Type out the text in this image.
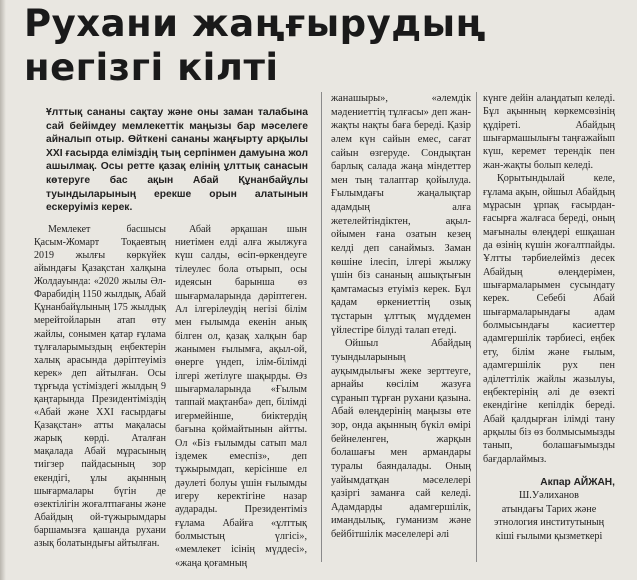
Рухани жаңғырудың
негізгі кілті
Ұлттық сананы сақтау және оны заман талабына сай бейімдеу мемлекеттік маңызы бар мәселеге айналып отыр. Өйткені сананы жаңғырту арқылы XXI ғасырда еліміздің тың серпінмен дамуына жол ашылмақ. Осы ретте қазақ елінің ұлттық санасын көтеруге бас ақын Абай Құнанбайұлы туындыларының ерекше орын алатынын ескеруіміз керек.

Мемлекет басшысы Қасым-Жомарт Тоқаевтың 2019 жылғы көркүйек айындағы Қазақстан халқына Жолдауында: «2020 жылы Әл-Фарабидің 1150 жылдық, Абай Құнанбайұлының 175 жылдық мерейтойларын атап өту жайлы, сонымен қатар ғұлама тұлғаларымыздың еңбектерін халық арасында дәріптеуіміз керек» деп айтылған. Осы тұрғыда үстіміздегі жылдың 9 қаңтарында Президентіміздің «Абай және XXI ғасырдағы Қазақстан» атты мақаласы жарық көрді. Аталған мақалада Абай мұрасының тиігзер пайдасының зор екендігі, ұлы ақынның шығармалары бүгін де өзектілігін жоғалтпағаны және Абайдың ой-түжырымдары баршамызға қашанда рухани азық болатындығы айтылған.

Абай әрқашан шын ниетімен елді алға жылжуға күш салды, өсіп-өркендеуге тілеулес бола отырып, осы идеясын барынша өз шығармаларында дәріптеген. Ал ілгерілеудің негізі білім мен ғылымда екенін анық білген ол, қазақ халқын бар жанымен ғылымға, ақыл-ой, өнерге үндеп, ілім-білімді ілгері жетілуге шақырды. Өз шығармаларында «Ғылым таппай мақтанба» деп, білімді игермейінше, биіктердің бағына қоймайтынын айтты. Ол «Біз ғылымды сатып мал іздемек емеспіз», деп тұжырымдап, керісінше ел дәулеті болуы үшін ғылымды игеру керектігіне назар аударады. Президентіміз ғұлама Абайға «ұлттық болмыстың үлгісі», «мемлекет ісінің мүддесі», «жаңа қоғамның

жанашыры», «әлемдік мәдениеттің тұлғасы» деп жан-жақты нақты баға береді. Қазір әлем күн сайын емес, сағат сайын өзгеруде. Сондықтан барлық салада жаңа міндеттер мен тың талаптар қойылуда. Ғылымдағы жаңалықтар адамдың алға жетелейтіндіктен, ақыл-ойымен ғана озатын кезең келді деп санаймыз. Заман көшіне ілесіп, ілгері жылжу үшін біз сананың ашықтығын қамтамасыз етуіміз керек. Бұл қадам өркениеттің озық тұстарын ұлттық мүддемен үйлестіре білуді талап етеді.

Ойшыл Абайдың туындыларының ауқымдылығы жеке зерттеуге, арнайы көсілім жазуға сұранып тұрған рухани қазына. Абай өлеңдерінің маңызы өте зор, онда ақынның бүкіл өмірі бейнеленген, жарқын болашағы мен армандары туралы баяндалады. Оның уайымдатқан мәселелері қазіргі заманға сай келеді. Адамдарды адамгершілік, имандылық, гуманизм және бейбітшілік мәселелері әлі

күнге дейін алаңдатып келеді. Бұл ақынның көркемсөзінің құдіреті. Абайдың шығармашылығы таңғажайып күш, керемет терендік пен жан-жақты болып келеді.

Қорытындылай келе, ғұлама ақын, ойшыл Абайдың мұрасын ұрпақ ғасырдан-ғасырға жалғаса береді, оның мағыналы өлеңдері ешқашан да өзінің күшін жоғалтпайды. Ұлтты тәрбиелейміз десек Абайдың өлеңдерімен, шығармаларымен сусындату керек. Себебі Абай шығармаларындағы адам болмысындағы касиеттер адамгершілік тәрбиесі, еңбек ету, білім және ғылым, адамгершілік рух пен әділеттілік жайлы жазылуы, еңбектерінің әлі де өзекті екендігіне кепілдік береді. Абай қалдырған ілімді тану арқылы біз өз болмысымызды танып, болашағымызды бағдарлаймыз.

Акпар АЙЖАН,
Ш.Уәлиханов
атындағы Тарих және
этнология институтының
кіші ғылыми қызметкері
